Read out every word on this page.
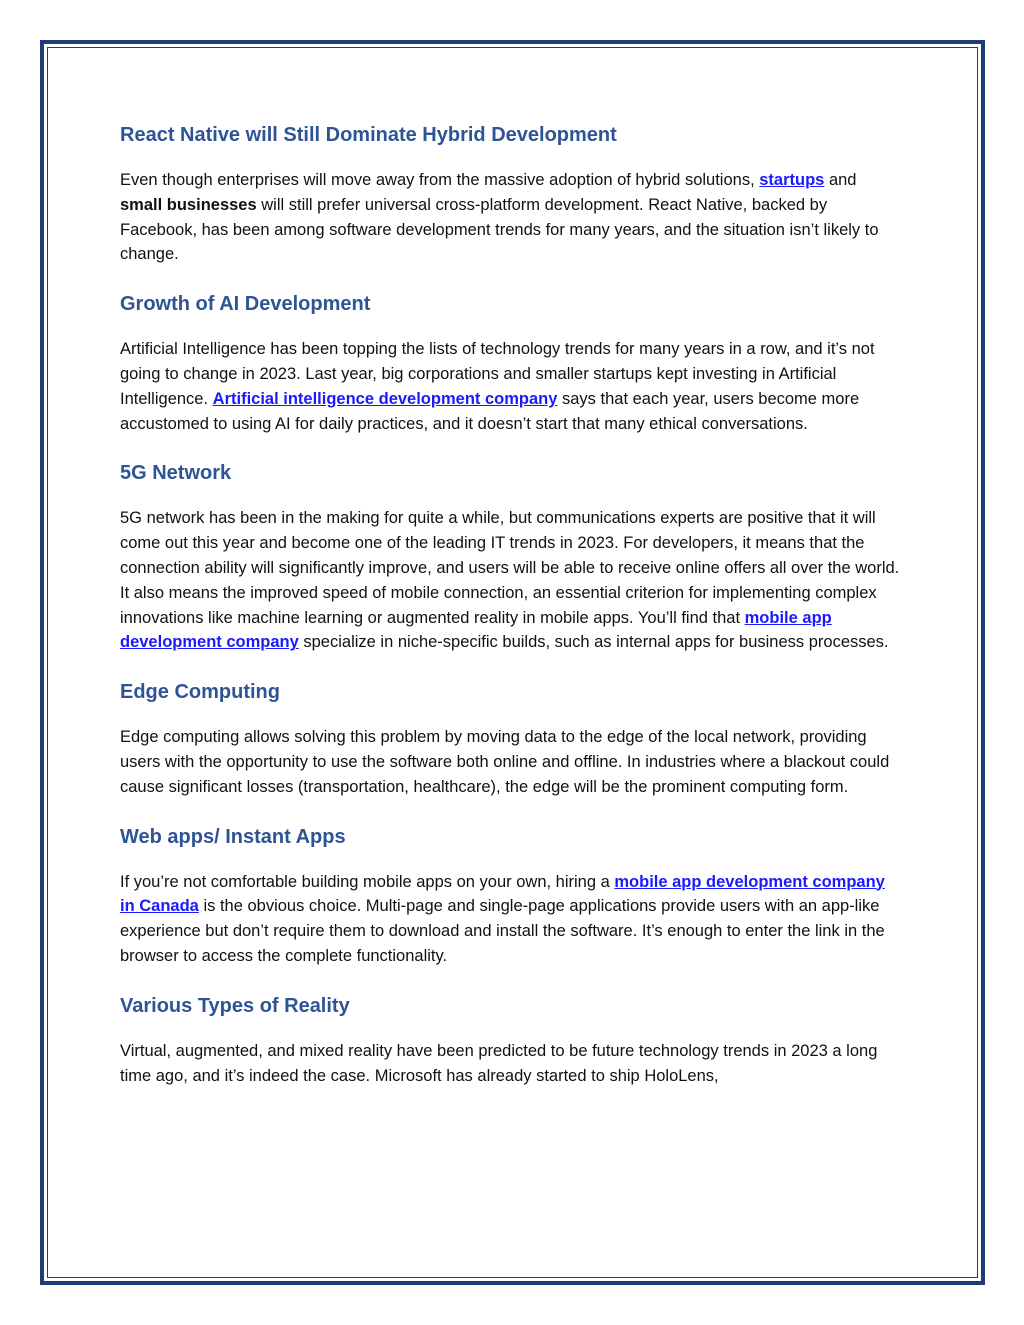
React Native will Still Dominate Hybrid Development

Even though enterprises will move away from the massive adoption of hybrid solutions, startups and small businesses will still prefer universal cross-platform development. React Native, backed by Facebook, has been among software development trends for many years, and the situation isn’t likely to change.

Growth of AI Development

Artificial Intelligence has been topping the lists of technology trends for many years in a row, and it’s not going to change in 2023. Last year, big corporations and smaller startups kept investing in Artificial Intelligence. Artificial intelligence development company says that each year, users become more accustomed to using AI for daily practices, and it doesn’t start that many ethical conversations.

5G Network

5G network has been in the making for quite a while, but communications experts are positive that it will come out this year and become one of the leading IT trends in 2023. For developers, it means that the connection ability will significantly improve, and users will be able to receive online offers all over the world. It also means the improved speed of mobile connection, an essential criterion for implementing complex innovations like machine learning or augmented reality in mobile apps. You’ll find that mobile app development company specialize in niche-specific builds, such as internal apps for business processes.

Edge Computing

Edge computing allows solving this problem by moving data to the edge of the local network, providing users with the opportunity to use the software both online and offline. In industries where a blackout could cause significant losses (transportation, healthcare), the edge will be the prominent computing form.

Web apps/ Instant Apps

If you’re not comfortable building mobile apps on your own, hiring a mobile app development company in Canada is the obvious choice. Multi-page and single-page applications provide users with an app-like experience but don’t require them to download and install the software. It’s enough to enter the link in the browser to access the complete functionality.

Various Types of Reality

Virtual, augmented, and mixed reality have been predicted to be future technology trends in 2023 a long time ago, and it’s indeed the case. Microsoft has already started to ship HoloLens,
